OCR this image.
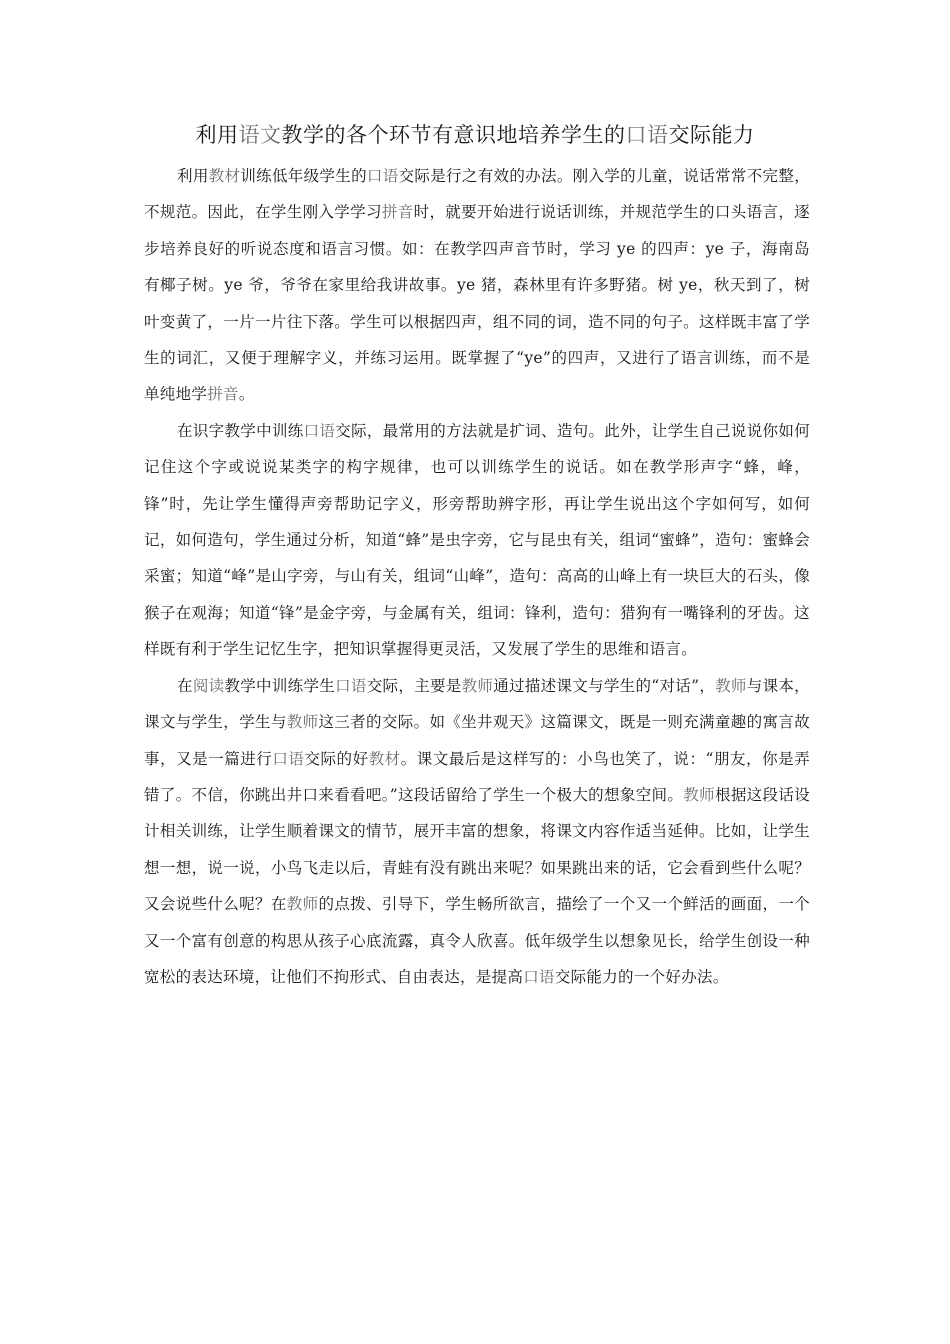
利用语文教学的各个环节有意识地培养学生的口语交际能力

利用教材训练低年级学生的口语交际是行之有效的办法。刚入学的儿童，说话常常不完整，不规范。因此，在学生刚入学学习拼音时，就要开始进行说话训练，并规范学生的口头语言，逐步培养良好的听说态度和语言习惯。如：在教学四声音节时，学习 ye 的四声：ye 子，海南岛有椰子树。ye 爷，爷爷在家里给我讲故事。ye 猪，森林里有许多野猪。树 ye，秋天到了，树叶变黄了，一片一片往下落。学生可以根据四声，组不同的词，造不同的句子。这样既丰富了学生的词汇，又便于理解字义，并练习运用。既掌握了“ye”的四声，又进行了语言训练，而不是单纯地学拼音。

在识字教学中训练口语交际，最常用的方法就是扩词、造句。此外，让学生自己说说你如何记住这个字或说说某类字的构字规律，也可以训练学生的说话。如在教学形声字“蜂，峰，锋”时，先让学生懂得声旁帮助记字义，形旁帮助辨字形，再让学生说出这个字如何写，如何记，如何造句，学生通过分析，知道“蜂”是虫字旁，它与昆虫有关，组词“蜜蜂”，造句：蜜蜂会采蜜；知道“峰”是山字旁，与山有关，组词“山峰”，造句：高高的山峰上有一块巨大的石头，像猴子在观海；知道“锋”是金字旁，与金属有关，组词：锋利，造句：猎狗有一嘴锋利的牙齿。这样既有利于学生记忆生字，把知识掌握得更灵活，又发展了学生的思维和语言。

在阅读教学中训练学生口语交际，主要是教师通过描述课文与学生的“对话”，教师与课本，课文与学生，学生与教师这三者的交际。如《坐井观天》这篇课文，既是一则充满童趣的寓言故事，又是一篇进行口语交际的好教材。课文最后是这样写的：小鸟也笑了，说：“朋友，你是弄错了。不信，你跳出井口来看看吧。”这段话留给了学生一个极大的想象空间。教师根据这段话设计相关训练，让学生顺着课文的情节，展开丰富的想象，将课文内容作适当延伸。比如，让学生想一想，说一说，小鸟飞走以后，青蛙有没有跳出来呢？如果跳出来的话，它会看到些什么呢？又会说些什么呢？在教师的点拨、引导下，学生畅所欲言，描绘了一个又一个鲜活的画面，一个又一个富有创意的构思从孩子心底流露，真令人欣喜。低年级学生以想象见长，给学生创设一种宽松的表达环境，让他们不拘形式、自由表达，是提高口语交际能力的一个好办法。
